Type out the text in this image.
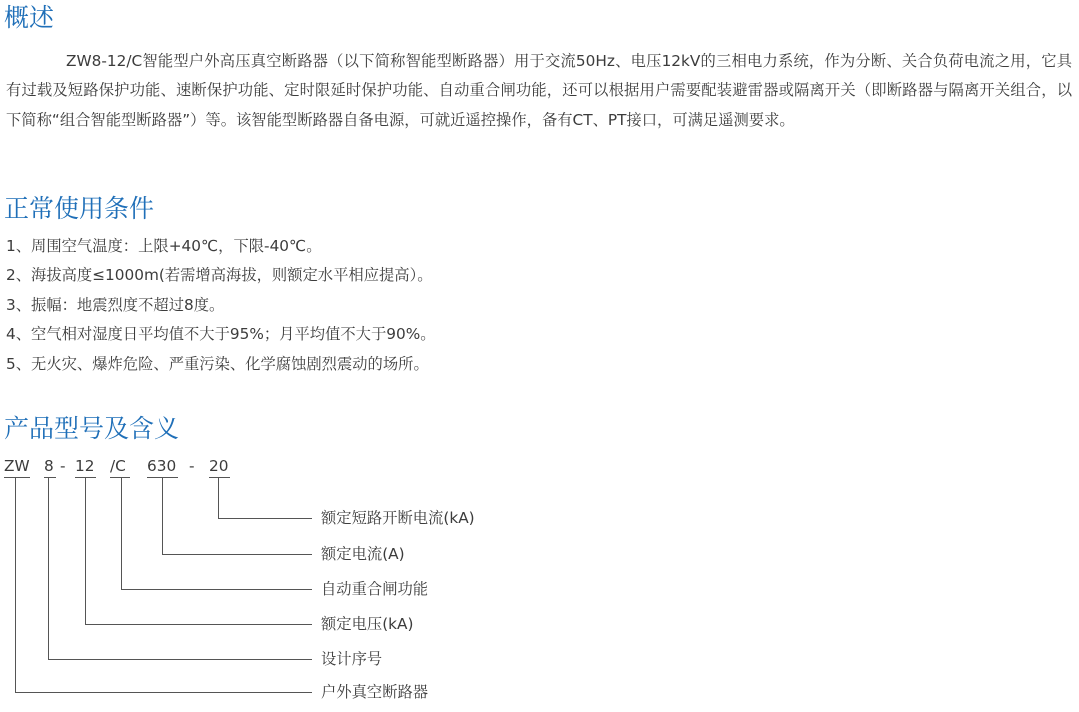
概述

ZW8-12/C智能型户外高压真空断路器（以下简称智能型断路器）用于交流50Hz、电压12kV的三相电力系统，作为分断、关合负荷电流之用，它具有过载及短路保护功能、速断保护功能、定时限延时保护功能、自动重合闸功能，还可以根据用户需要配装避雷器或隔离开关（即断路器与隔离开关组合，以下简称“组合智能型断路器”）等。该智能型断路器自备电源，可就近遥控操作，备有CT、PT接口，可满足遥测要求。

正常使用条件
1、周围空气温度：上限+40℃，下限-40℃。
2、海拔高度≤1000m(若需增高海拔，则额定水平相应提高）。
3、振幅：地震烈度不超过8度。
4、空气相对湿度日平均值不大于95%；月平均值不大于90%。
5、无火灾、爆炸危险、严重污染、化学腐蚀剧烈震动的场所。
产品型号及含义
ZW 8 - 12 /C 630 - 20
额定短路开断电流(kA)
额定电流(A)
自动重合闸功能
额定电压(kA)
设计序号
户外真空断路器
